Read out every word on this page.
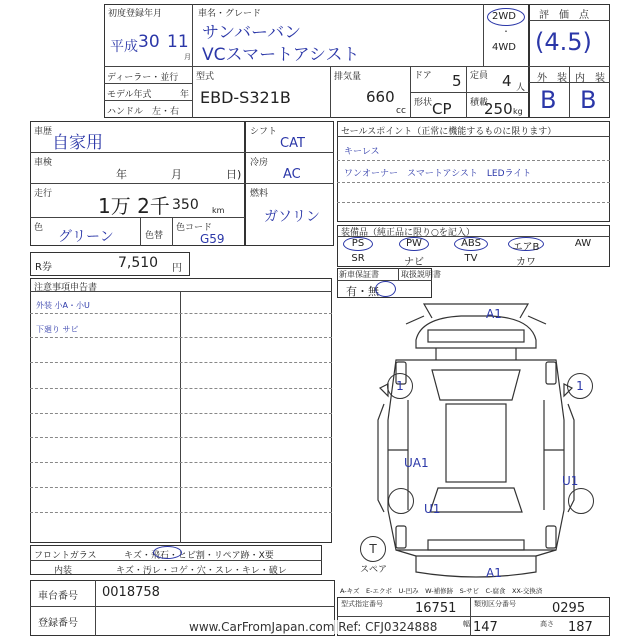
初度登録年月	車名・グレード
平成 30 11
月
サンバーバン
VCスマートアシスト
2WD
・
4WD
ディーラー・並行
モデル年式	年
ハンドル　左・右
型式
EBD-S321B
排気量
660
cc
ドア 5 定員 4 人
形状 CP 積載
250 kg
評　価　点
(4.5)
外　装 内　装
B B
車歴
自家用
車検
年　　　　月　　　　日)
走行 1万 2千 350 km
色
グリーン	色替
色コード
G59
シフト
CAT
冷房
AC
燃料
ガソリン
R券	7,510 円
セールスポイント（正常に機能するものに限ります）
キーレス
ワンオーナー　スマートアシスト　LEDライト
装備品（純正品に限り○を記入）
PS	PW	ABS	エアB	AW
SR	ナビ	TV	カワ
新車保証書	取扱説明書
有・無
注意事項申告書
外装 小A・小U
下廻り サビ
A1
1	1
UA1
U1
U1
A1
T
スペア
A-キズ　E-エクボ　U-凹み　W-補修跡　S-サビ　C-腐食　XX-交換済
フロントガラス	キズ・飛石・ヒビ割・リペア跡・X要
内装	キズ・汚レ・コゲ・穴・スレ・キレ・破レ
車台番号 0018758
登録番号
型式指定番号 16751	類別区分番号	0295
幅 147	高さ 187
www.CarFromJapan.com Ref: CFJ0324888
